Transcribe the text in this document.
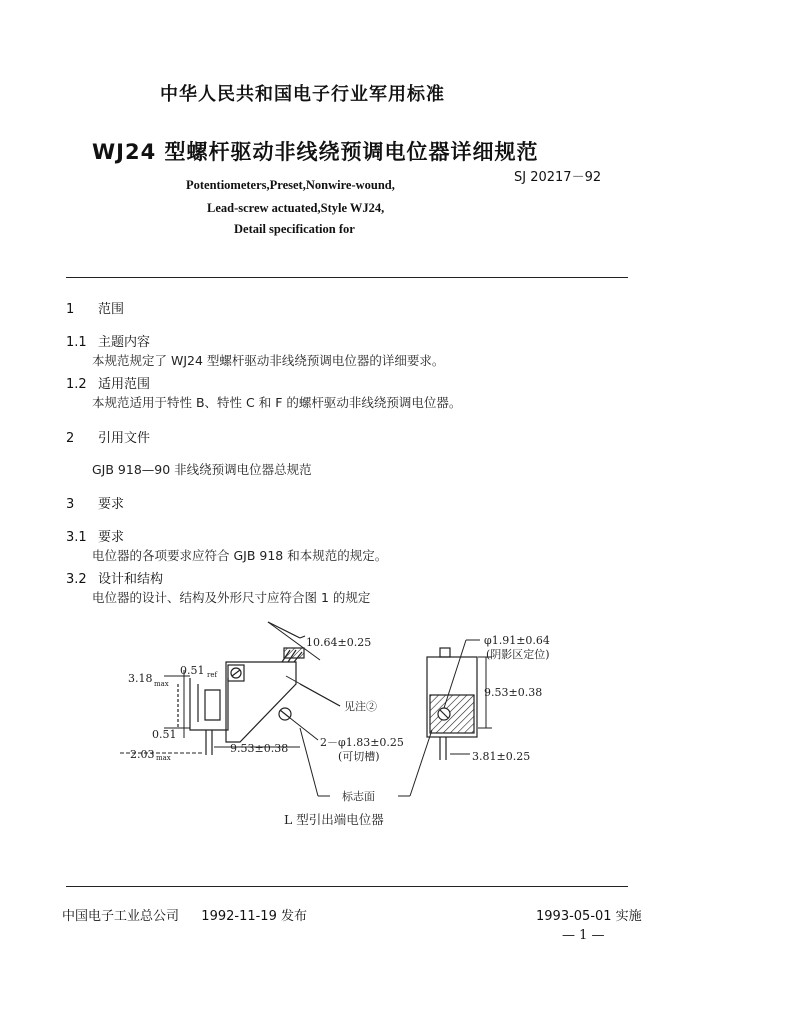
中华人民共和国电子行业军用标准
WJ24 型螺杆驱动非线绕预调电位器详细规范
SJ 20217－92
Potentiometers,Preset,Nonwire-wound,
Lead-screw actuated,Style WJ24,
Detail specification for
1 范围
1.1 主题内容
本规范规定了 WJ24 型螺杆驱动非线绕预调电位器的详细要求。
1.2 适用范围
本规范适用于特性 B、特性 C 和 F 的螺杆驱动非线绕预调电位器。
2 引用文件
GJB 918—90 非线绕预调电位器总规范
3 要求
3.1 要求
电位器的各项要求应符合 GJB 918 和本规范的规定。
3.2 设计和结构
电位器的设计、结构及外形尺寸应符合图 1 的规定
10.64±0.25
0.51 ref
3.18 max
0.51
2.03 max
9.53±0.38
φ1.91±0.64
(阴影区定位)
9.53±0.38
2－φ1.83±0.25
(可切槽)	3.81±0.25
见注②
标志面
L 型引出端电位器
中国电子工业总公司 1992-11-19 发布	1993-05-01 实施
— 1 —
